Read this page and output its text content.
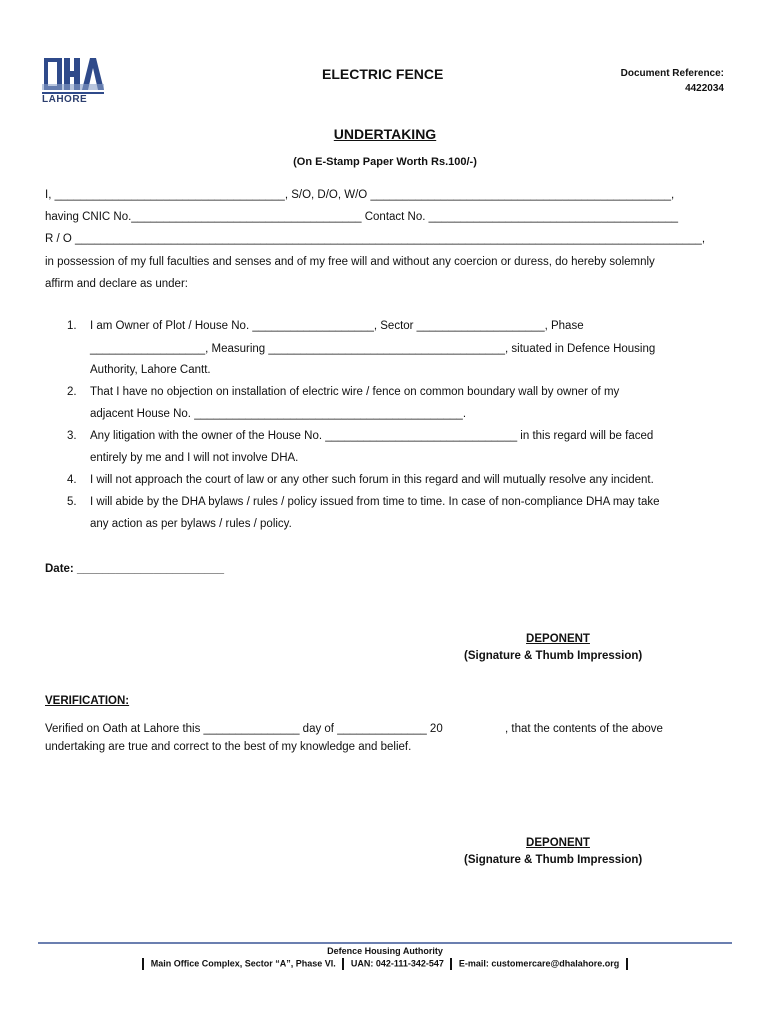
LAHORE
ELECTRIC FENCE	Document Reference:
4422034
UNDERTAKING
(On E-Stamp Paper Worth Rs.100/-)
I, ____________________________________, S/O, D/O, W/O _______________________________________________,
having CNIC No.____________________________________ Contact No. _______________________________________
R / O __________________________________________________________________________________________________,
in possession of my full faculties and senses and of my free will and without any coercion or duress, do hereby solemnly
affirm and declare as under:
1. I am Owner of Plot / House No. ___________________, Sector ____________________, Phase
__________________, Measuring _____________________________________, situated in Defence Housing
Authority, Lahore Cantt.
2. That I have no objection on installation of electric wire / fence on common boundary wall by owner of my
adjacent House No. __________________________________________.
3. Any litigation with the owner of the House No. ______________________________ in this regard will be faced
entirely by me and I will not involve DHA.
4. I will not approach the court of law or any other such forum in this regard and will mutually resolve any incident.
5. I will abide by the DHA bylaws / rules / policy issued from time to time. In case of non-compliance DHA may take
any action as per bylaws / rules / policy.
Date: _______________________
DEPONENT
(Signature & Thumb Impression)
VERIFICATION:
Verified on Oath at Lahore this _______________ day of ______________ 20	, that the contents of the above
undertaking are true and correct to the best of my knowledge and belief.
DEPONENT
(Signature & Thumb Impression)
Defence Housing Authority
Main Office Complex, Sector “A”, Phase VI. UAN: 042-111-342-547 E-mail: customercare@dhalahore.org
